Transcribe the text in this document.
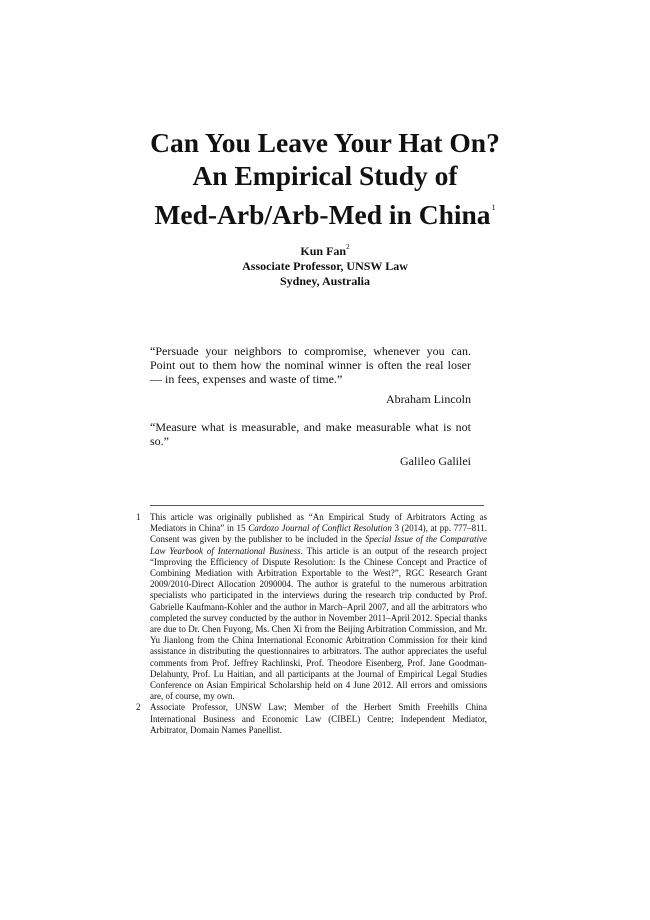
Can You Leave Your Hat On?
An Empirical Study of
Med-Arb/Arb-Med in China$^1$
Kun Fan$^2$
Associate Professor, UNSW Law
Sydney, Australia
“Persuade your neighbors to compromise, whenever you can. Point out to them how the nominal winner is often the real loser — in fees, expenses and waste of time.”
Abraham Lincoln
“Measure what is measurable, and make measurable what is not so.”
Galileo Galilei
1	This article was originally published as “An Empirical Study of Arbitrators Acting as Mediators in China” in 15 Cardozo Journal of Conflict Resolution 3 (2014), at pp. 777–811. Consent was given by the publisher to be included in the Special Issue of the Comparative Law Yearbook of International Business. This article is an output of the research project “Improving the Efficiency of Dispute Resolution: Is the Chinese Concept and Practice of Combining Mediation with Arbitration Exportable to the West?”, RGC Research Grant 2009/2010-Direct Allocation 2090004. The author is grateful to the numerous arbitration specialists who participated in the interviews during the research trip conducted by Prof. Gabrielle Kaufmann-Kohler and the author in March–April 2007, and all the arbitrators who completed the survey conducted by the author in November 2011–April 2012. Special thanks are due to Dr. Chen Fuyong, Ms. Chen Xi from the Beijing Arbitration Commission, and Mr. Yu Jianlong from the China International Economic Arbitration Commission for their kind assistance in distributing the questionnaires to arbitrators. The author appreciates the useful comments from Prof. Jeffrey Rachlinski, Prof. Theodore Eisenberg, Prof. Jane Goodman-Delahunty, Prof. Lu Haitian, and all participants at the Journal of Empirical Legal Studies Conference on Asian Empirical Scholarship held on 4 June 2012. All errors and omissions are, of course, my own.
2	Associate Professor, UNSW Law; Member of the Herbert Smith Freehills China International Business and Economic Law (CIBEL) Centre; Independent Mediator, Arbitrator, Domain Names Panellist.
